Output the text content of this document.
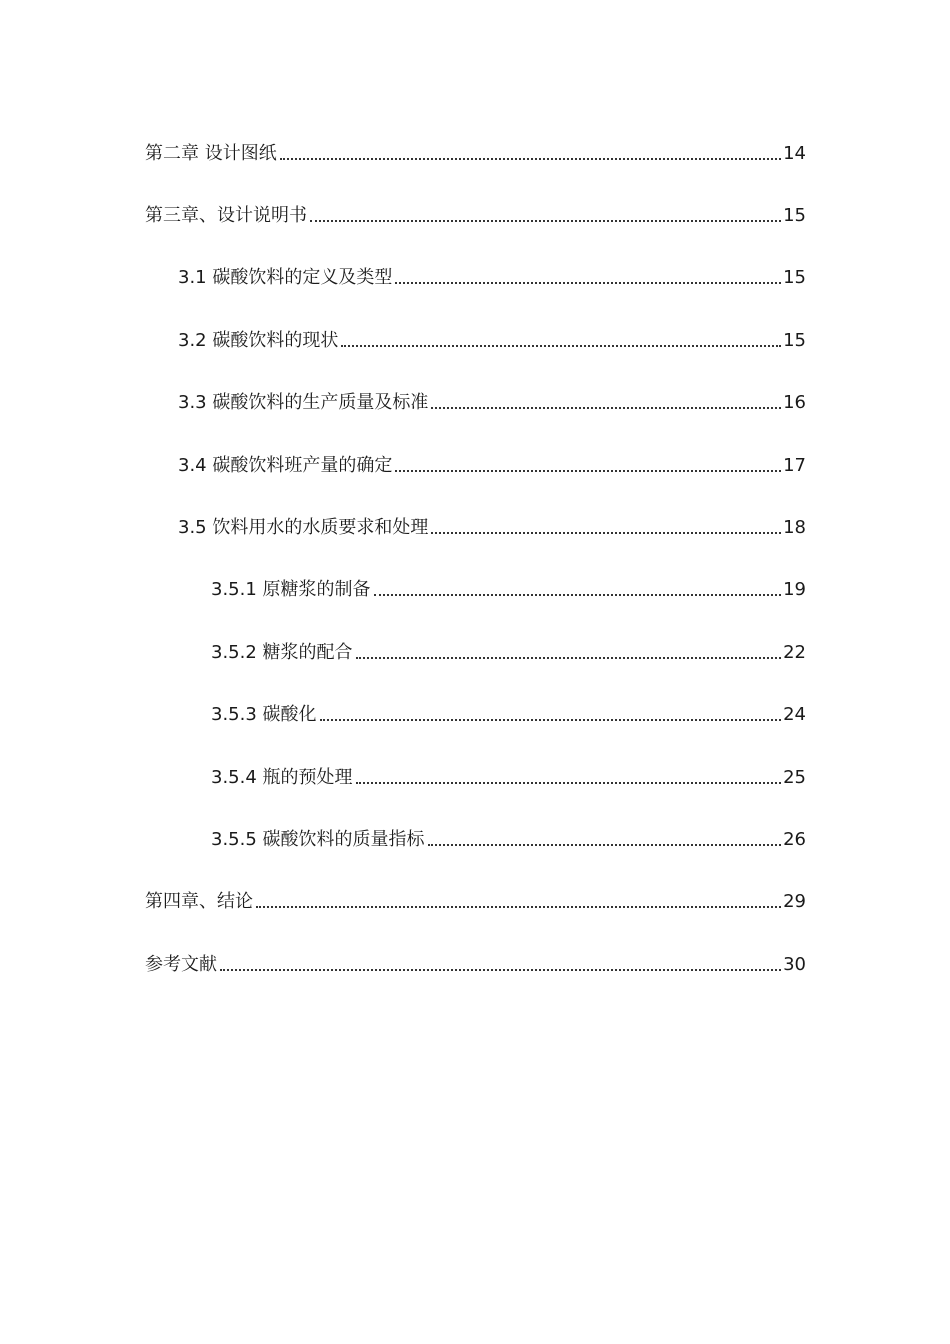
第二章 设计图纸	14
第三章、设计说明书	15
3.1 碳酸饮料的定义及类型	15
3.2 碳酸饮料的现状	15
3.3 碳酸饮料的生产质量及标准	16
3.4 碳酸饮料班产量的确定	17
3.5 饮料用水的水质要求和处理	18
3.5.1 原糖浆的制备	19
3.5.2 糖浆的配合	22
3.5.3 碳酸化	24
3.5.4 瓶的预处理	25
3.5.5 碳酸饮料的质量指标	26
第四章、结论	29
参考文献	30
